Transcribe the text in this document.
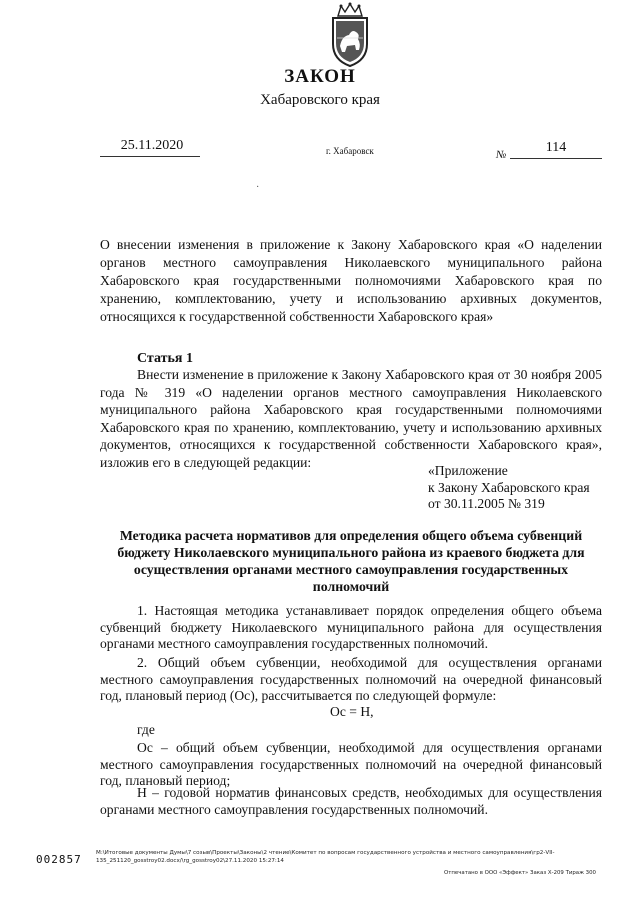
ЗАКОН
Хабаровского края
25.11.2020	г. Хабаровск	№	114
·
О внесении изменения в приложение к Закону Хабаровского края «О наделении органов местного самоуправления Николаевского муниципального района Хабаровского края государственными полномочиями Хабаровского края по хранению, комплектованию, учету и использованию архивных документов, относящихся к государственной собственности Хабаровского края»
Статья 1
Внести изменение в приложение к Закону Хабаровского края от 30 ноября 2005 года № 319 «О наделении органов местного самоуправления Николаевского муниципального района Хабаровского края государственными полномочиями Хабаровского края по хранению, комплектованию, учету и использованию архивных документов, относящихся к государственной собственности Хабаровского края», изложив его в следующей редакции:
«Приложение
к Закону Хабаровского края
от 30.11.2005 № 319
Методика расчета нормативов для определения общего объема субвенций бюджету Николаевского муниципального района из краевого бюджета для осуществления органами местного самоуправления государственных полномочий
1. Настоящая методика устанавливает порядок определения общего объема субвенций бюджету Николаевского муниципального района для осуществления органами местного самоуправления государственных полномочий.
2. Общий объем субвенции, необходимой для осуществления органами местного самоуправления государственных полномочий на очередной финансовый год, плановый период (Ос), рассчитывается по следующей формуле:
Ос = Н,
где
Ос – общий объем субвенции, необходимой для осуществления органами местного самоуправления государственных полномочий на очередной финансовый год, плановый период;
Н – годовой норматив финансовых средств, необходимых для осуществления органами местного самоуправления государственных полномочий.
002857	M:\Итоговые документы Думы\7 созыв\Проекты\Законы\2 чтение\Комитет по вопросам государственного устройства и местного самоуправления\гр2-VII-135_251120_gosstroy02.docx/\rg_gosstroy02\27.11.2020 15:27:14
Отпечатано в ООО «Эффект» Заказ Х-209 Тираж 300
